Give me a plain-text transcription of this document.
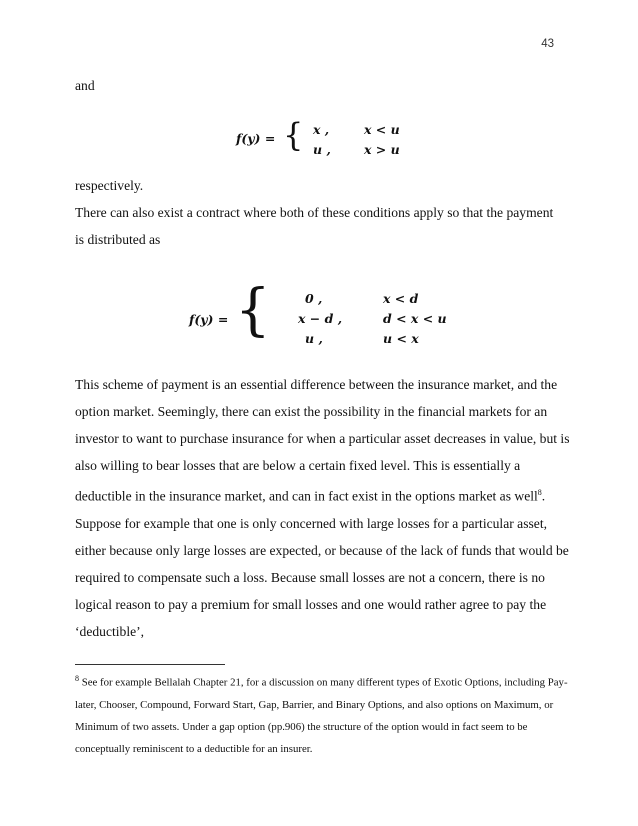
43

and

f(y) = { x ,	x < u
u ,	x > u

respectively.

There can also exist a contract where both of these conditions apply so that the payment is distributed as

f(y) = {	0 ,	x < d
x − d ,	d < x < u
u ,	u < x

This scheme of payment is an essential difference between the insurance market, and the option market. Seemingly, there can exist the possibility in the financial markets for an investor to want to purchase insurance for when a particular asset decreases in value, but is also willing to bear losses that are below a certain fixed level. This is essentially a deductible in the insurance market, and can in fact exist in the options market as well$^8$. Suppose for example that one is only concerned with large losses for a particular asset, either because only large losses are expected, or because of the lack of funds that would be required to compensate such a loss. Because small losses are not a concern, there is no logical reason to pay a premium for small losses and one would rather agree to pay the ‘deductible’,

$^8$ See for example Bellalah Chapter 21, for a discussion on many different types of Exotic Options, including Pay-later, Chooser, Compound, Forward Start, Gap, Barrier, and Binary Options, and also options on Maximum, or Minimum of two assets. Under a gap option (pp.906) the structure of the option would in fact seem to be conceptually reminiscent to a deductible for an insurer.
